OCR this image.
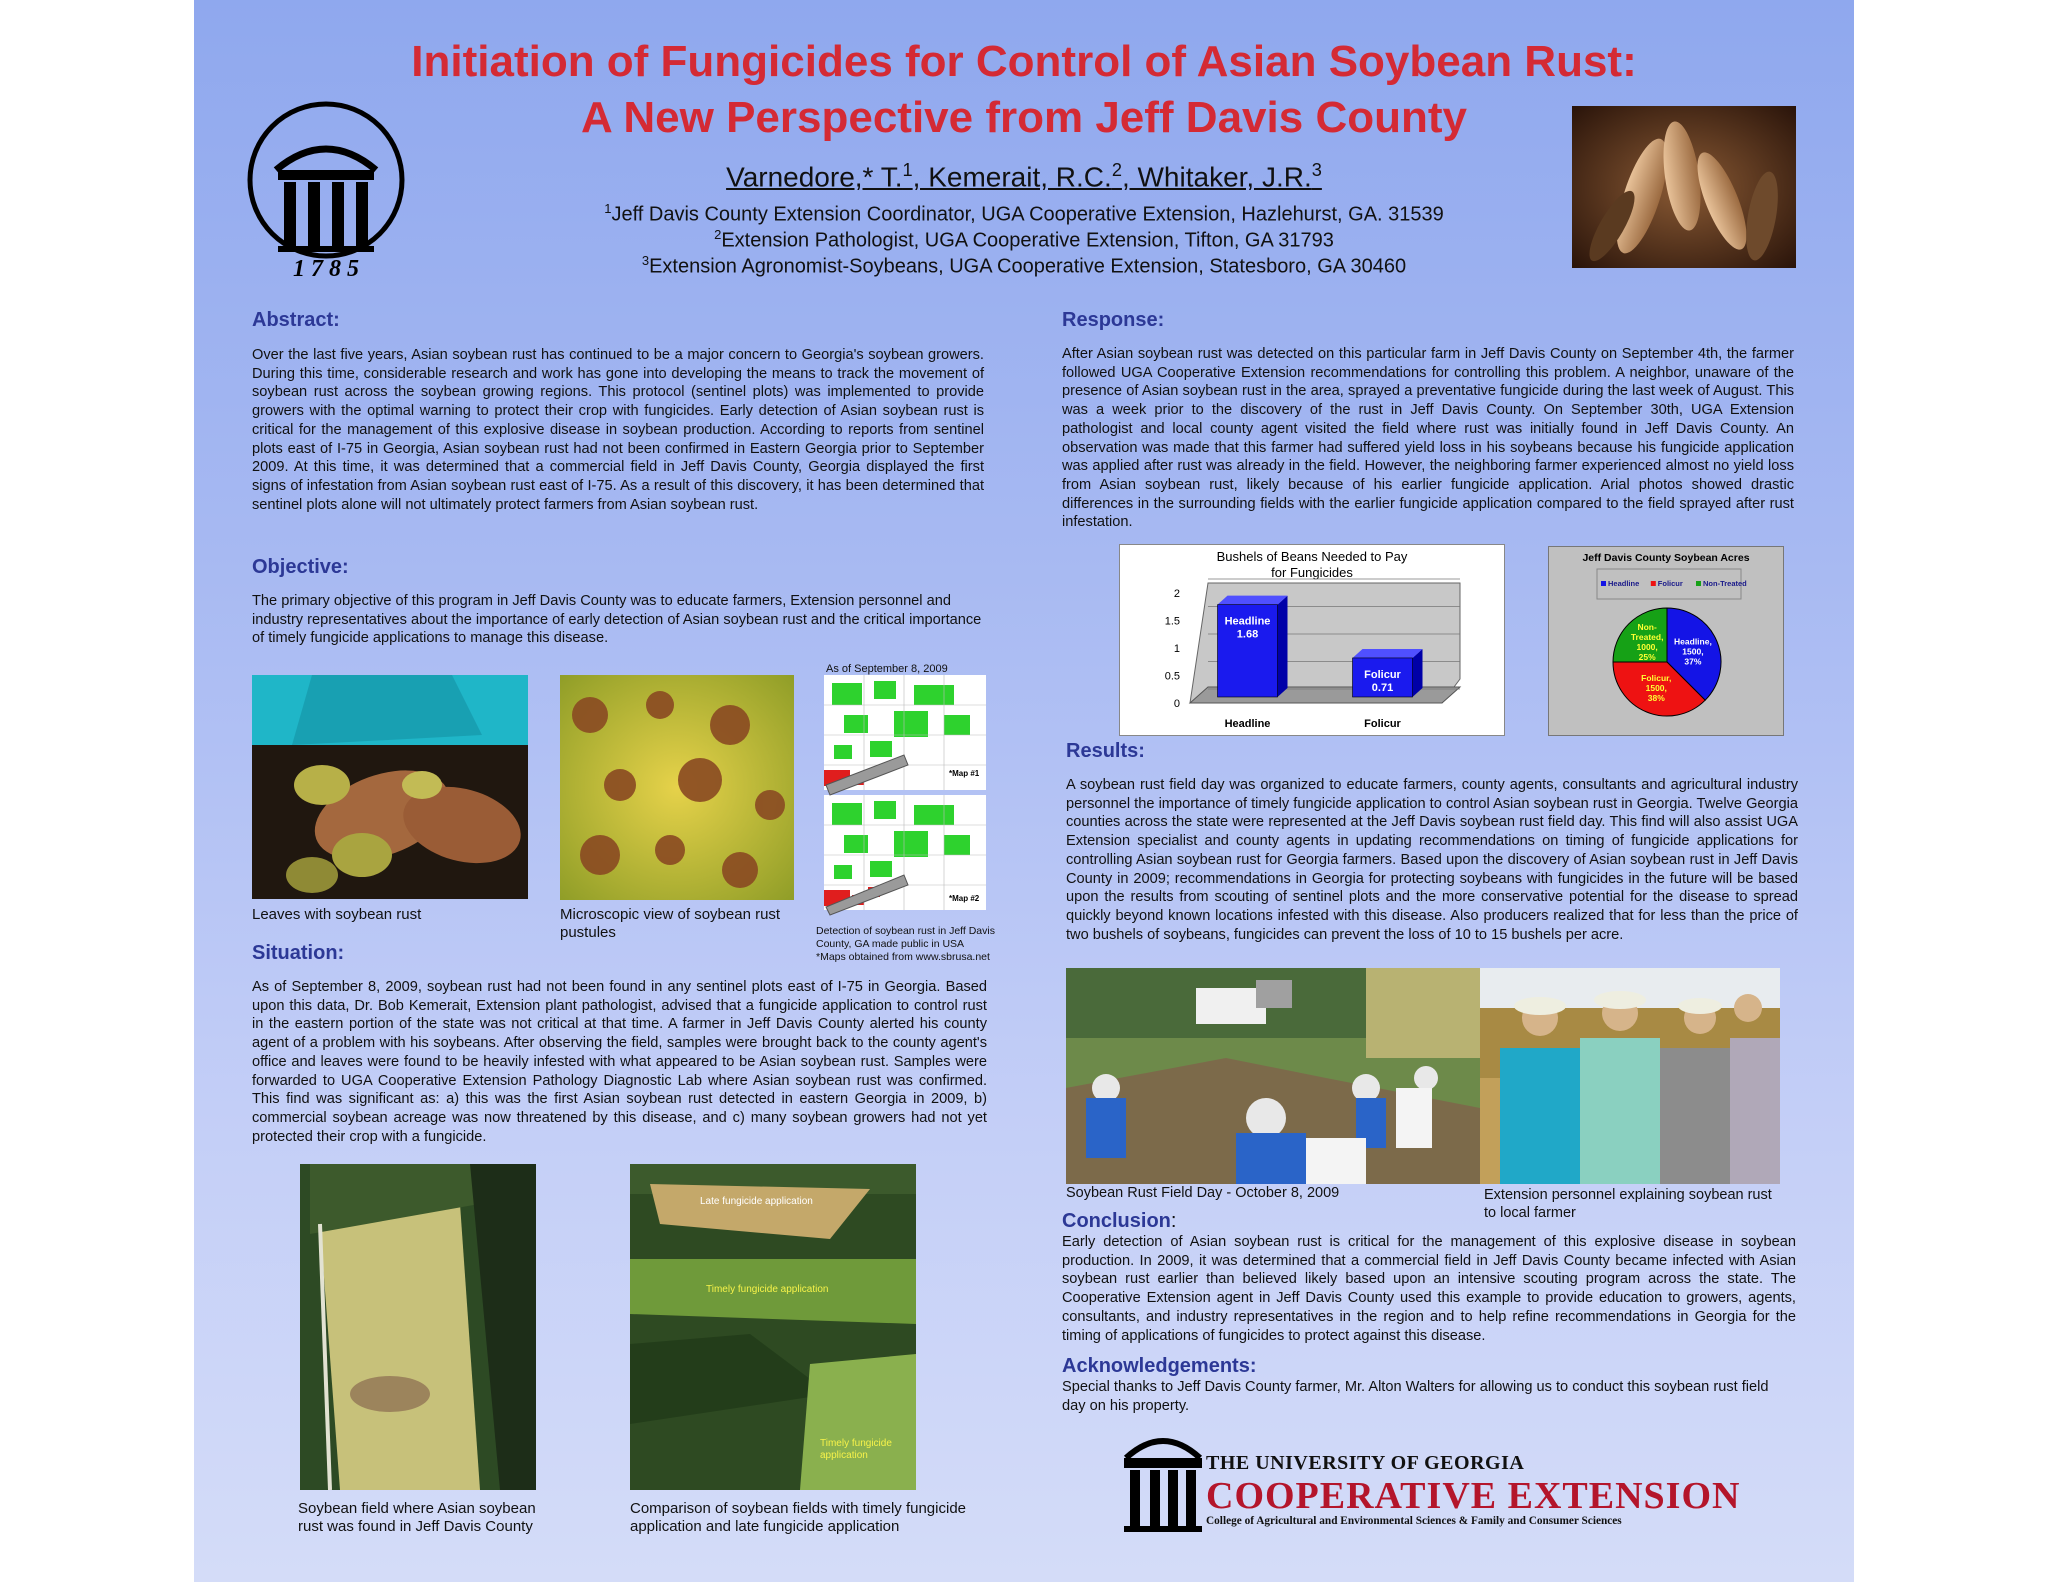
Initiation of Fungicides for Control of Asian Soybean Rust:
A New Perspective from Jeff Davis County
1 7 8 5
Varnedore,* T.$^1$, Kemerait, R.C.$^2$, Whitaker, J.R.$^3$
$^1$Jeff Davis County Extension Coordinator, UGA Cooperative Extension, Hazlehurst, GA. 31539
$^2$Extension Pathologist, UGA Cooperative Extension, Tifton, GA 31793
$^3$Extension Agronomist-Soybeans, UGA Cooperative Extension, Statesboro, GA 30460
Abstract:
Over the last five years, Asian soybean rust has continued to be a major concern to Georgia's soybean growers. During this time, considerable research and work has gone into developing the means to track the movement of soybean rust across the soybean growing regions. This protocol (sentinel plots) was implemented to provide growers with the optimal warning to protect their crop with fungicides. Early detection of Asian soybean rust is critical for the management of this explosive disease in soybean production. According to reports from sentinel plots east of I-75 in Georgia, Asian soybean rust had not been confirmed in Eastern Georgia prior to September 2009. At this time, it was determined that a commercial field in Jeff Davis County, Georgia displayed the first signs of infestation from Asian soybean rust east of I-75. As a result of this discovery, it has been determined that sentinel plots alone will not ultimately protect farmers from Asian soybean rust.
Objective:
The primary objective of this program in Jeff Davis County was to educate farmers, Extension personnel and industry representatives about the importance of early detection of Asian soybean rust and the critical importance of timely fungicide applications to manage this disease.
Leaves with soybean rust	Microscopic view of soybean rust pustules
As of September 8, 2009
*Map #1
*Map #2
Detection of soybean rust in Jeff Davis County, GA made public in USA
*Maps obtained from www.sbrusa.net
Situation:
As of September 8, 2009, soybean rust had not been found in any sentinel plots east of I-75 in Georgia. Based upon this data, Dr. Bob Kemerait, Extension plant pathologist, advised that a fungicide application to control rust in the eastern portion of the state was not critical at that time. A farmer in Jeff Davis County alerted his county agent of a problem with his soybeans. After observing the field, samples were brought back to the county agent's office and leaves were found to be heavily infested with what appeared to be Asian soybean rust. Samples were forwarded to UGA Cooperative Extension Pathology Diagnostic Lab where Asian soybean rust was confirmed. This find was significant as: a) this was the first Asian soybean rust detected in eastern Georgia in 2009, b) commercial soybean acreage was now threatened by this disease, and c) many soybean growers had not yet protected their crop with a fungicide.
Soybean field where Asian soybean rust was found in Jeff Davis County
Late fungicide application
Timely fungicide application
Timely fungicide application
Comparison of soybean fields with timely fungicide application and late fungicide application
Response:
After Asian soybean rust was detected on this particular farm in Jeff Davis County on September 4th, the farmer followed UGA Cooperative Extension recommendations for controlling this problem. A neighbor, unaware of the presence of Asian soybean rust in the area, sprayed a preventative fungicide during the last week of August. This was a week prior to the discovery of the rust in Jeff Davis County. On September 30th, UGA Extension pathologist and local county agent visited the field where rust was initially found in Jeff Davis County. An observation was made that this farmer had suffered yield loss in his soybeans because his fungicide application was applied after rust was already in the field. However, the neighboring farmer experienced almost no yield loss from Asian soybean rust, likely because of his earlier fungicide application. Arial photos showed drastic differences in the surrounding fields with the earlier fungicide application compared to the field sprayed after rust infestation.
Bushels of Beans Needed to Pay
for Fungicides
0
0.5
1
1.5
2
Headline
1.68
Headline
Folicur
0.71
Folicur
Jeff Davis County Soybean Acres
Headline Folicur	Non-Treated
Headline,
1500,
37%
Folicur,
1500,
38%
Non-
Treated,
1000,
25%
Results:
A soybean rust field day was organized to educate farmers, county agents, consultants and agricultural industry personnel the importance of timely fungicide application to control Asian soybean rust in Georgia. Twelve Georgia counties across the state were represented at the Jeff Davis soybean rust field day. This find will also assist UGA Extension specialist and county agents in updating recommendations on timing of fungicide applications for controlling Asian soybean rust for Georgia farmers. Based upon the discovery of Asian soybean rust in Jeff Davis County in 2009; recommendations in Georgia for protecting soybeans with fungicides in the future will be based upon the results from scouting of sentinel plots and the more conservative potential for the disease to spread quickly beyond known locations infested with this disease. Also producers realized that for less than the price of two bushels of soybeans, fungicides can prevent the loss of 10 to 15 bushels per acre.
Soybean Rust Field Day - October 8, 2009	Extension personnel explaining soybean rust to local farmer
Conclusion:
Early detection of Asian soybean rust is critical for the management of this explosive disease in soybean production. In 2009, it was determined that a commercial field in Jeff Davis County became infected with Asian soybean rust earlier than believed likely based upon an intensive scouting program across the state. The Cooperative Extension agent in Jeff Davis County used this example to provide education to growers, agents, consultants, and industry representatives in the region and to help refine recommendations in Georgia for the timing of applications of fungicides to protect against this disease.
Acknowledgements:
Special thanks to Jeff Davis County farmer, Mr. Alton Walters for allowing us to conduct this soybean rust field day on his property.
THE UNIVERSITY OF GEORGIA
COOPERATIVE EXTENSION
College of Agricultural and Environmental Sciences & Family and Consumer Sciences
